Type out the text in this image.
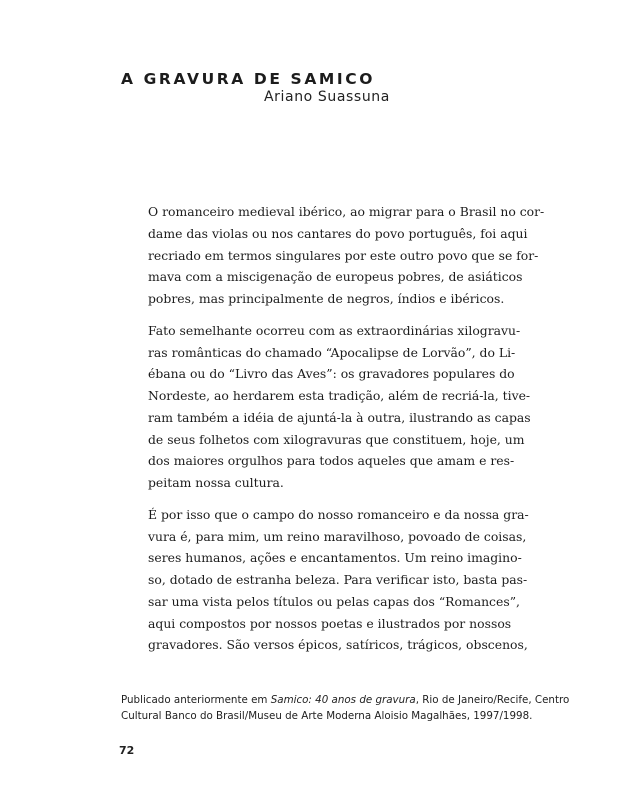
A GRAVURA DE SAMICO
Ariano Suassuna
O romanceiro medieval ibérico, ao migrar para o Brasil no cor-
dame das violas ou nos cantares do povo português, foi aqui
recriado em termos singulares por este outro povo que se for-
mava com a miscigenação de europeus pobres, de asiáticos
pobres, mas principalmente de negros, índios e ibéricos.
Fato semelhante ocorreu com as extraordinárias xilogravu-
ras românticas do chamado “Apocalipse de Lorvão”, do Li-
ébana ou do “Livro das Aves”: os gravadores populares do
Nordeste, ao herdarem esta tradição, além de recriá-la, tive-
ram também a idéia de ajuntá-la à outra, ilustrando as capas
de seus folhetos com xilogravuras que constituem, hoje, um
dos maiores orgulhos para todos aqueles que amam e res-
peitam nossa cultura.
É por isso que o campo do nosso romanceiro e da nossa gra-
vura é, para mim, um reino maravilhoso, povoado de coisas,
seres humanos, ações e encantamentos. Um reino imagino-
so, dotado de estranha beleza. Para verificar isto, basta pas-
sar uma vista pelos títulos ou pelas capas dos “Romances”,
aqui compostos por nossos poetas e ilustrados por nossos
gravadores. São versos épicos, satíricos, trágicos, obscenos,
Publicado anteriormente em Samico: 40 anos de gravura, Rio de Janeiro/Recife, Centro
Cultural Banco do Brasil/Museu de Arte Moderna Aloisio Magalhães, 1997/1998.
72
